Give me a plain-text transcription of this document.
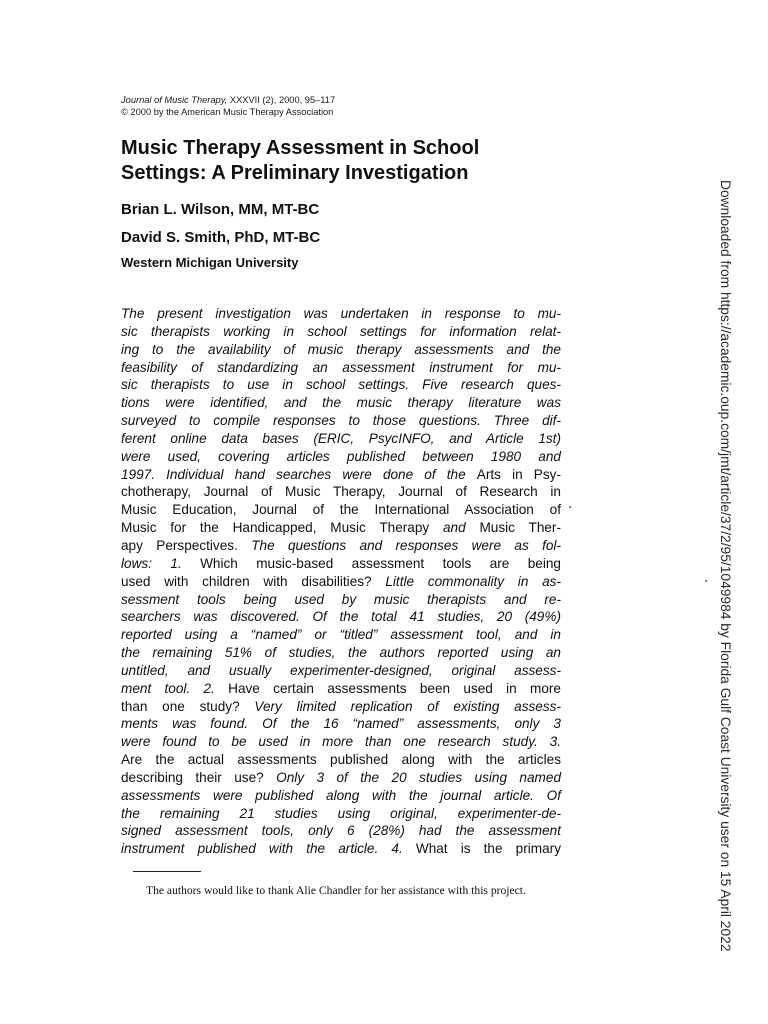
Journal of Music Therapy, XXXVII (2), 2000, 95–117
© 2000 by the American Music Therapy Association
Music Therapy Assessment in School
Settings: A Preliminary Investigation
Brian L. Wilson, MM, MT-BC
David S. Smith, PhD, MT-BC
Western Michigan University
The present investigation was undertaken in response to mu-
sic therapists working in school settings for information relat-
ing to the availability of music therapy assessments and the
feasibility of standardizing an assessment instrument for mu-
sic therapists to use in school settings. Five research ques-
tions were identified, and the music therapy literature was
surveyed to compile responses to those questions. Three dif-
ferent online data bases (ERIC, PsycINFO, and Article 1st)
were used, covering articles published between 1980 and
1997. Individual hand searches were done of the Arts in Psy-
chotherapy, Journal of Music Therapy, Journal of Research in
Music Education, Journal of the International Association of
Music for the Handicapped, Music Therapy and Music Ther-
apy Perspectives. The questions and responses were as fol-
lows: 1. Which music-based assessment tools are being
used with children with disabilities? Little commonality in as-
sessment tools being used by music therapists and re-
searchers was discovered. Of the total 41 studies, 20 (49%)
reported using a “named” or “titled” assessment tool, and in
the remaining 51% of studies, the authors reported using an
untitled, and usually experimenter-designed, original assess-
ment tool. 2. Have certain assessments been used in more
than one study? Very limited replication of existing assess-
ments was found. Of the 16 “named” assessments, only 3
were found to be used in more than one research study. 3.
Are the actual assessments published along with the articles
describing their use? Only 3 of the 20 studies using named
assessments were published along with the journal article. Of
the remaining 21 studies using original, experimenter-de-
signed assessment tools, only 6 (28%) had the assessment
instrument published with the article. 4. What is the primary
The authors would like to thank Alie Chandler for her assistance with this project.	Downloaded from https://academic.oup.com/jmt/article/37/2/95/1049984 by Florida Gulf Coast University user on 15 April 2022
